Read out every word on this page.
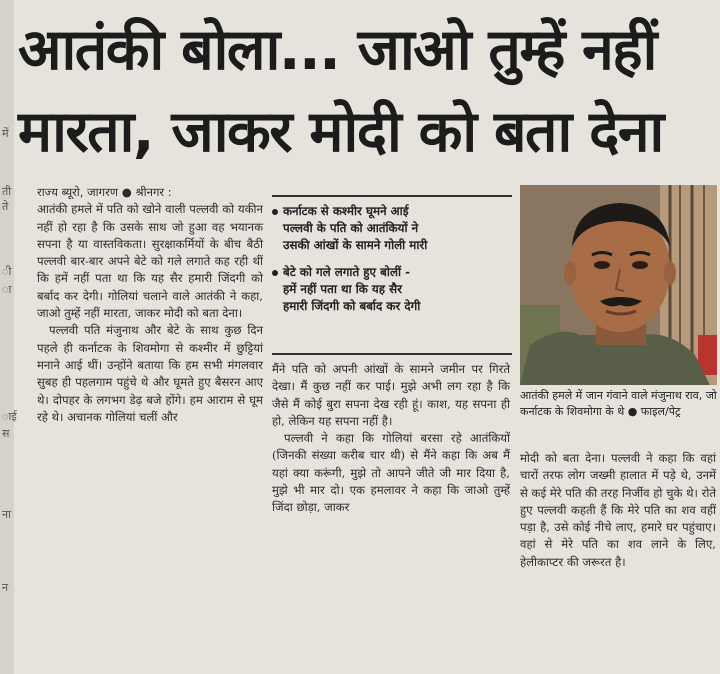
में
ती
ते
ी
ा
ाई
स
ना
न
आतंकी बोला... जाओ तुम्हें नहीं
मारता, जाकर मोदी को बता देना

राज्य ब्यूरो, जागरण ● श्रीनगर :

आतंकी हमले में पति को खोने वाली पल्लवी को यकीन नहीं हो रहा है कि उसके साथ जो हुआ वह भयानक सपना है या वास्तविकता। सुरक्षाकर्मियों के बीच बैठी पल्लवी बार-बार अपने बेटे को गले लगाते कह रही थीं कि हमें नहीं पता था कि यह सैर हमारी जिंदगी को बर्बाद कर देगी। गोलियां चलाने वाले आतंकी ने कहा, जाओ तुम्हें नहीं मारता, जाकर मोदी को बता देना।

पल्लवी पति मंजुनाथ और बेटे के साथ कुछ दिन पहले ही कर्नाटक के शिवमोगा से कश्मीर में छुट्टियां मनाने आई थीं। उन्होंने बताया कि हम सभी मंगलवार सुबह ही पहलगाम पहुंचे थे और घूमते हुए बैसरन आए थे। दोपहर के लगभग डेढ़ बजे होंगे। हम आराम से घूम रहे थे। अचानक गोलियां चलीं और

कर्नाटक से कश्मीर घूमने आई
पल्लवी के पति को आतंकियों ने
उसकी आंखों के सामने गोली मारी
बेटे को गले लगाते हुए बोलीं -
हमें नहीं पता था कि यह सैर
हमारी जिंदगी को बर्बाद कर देगी

मैंने पति को अपनी आंखों के सामने जमीन पर गिरते देखा। मैं कुछ नहीं कर पाई। मुझे अभी लग रहा है कि जैसे मैं कोई बुरा सपना देख रही हूं। काश, यह सपना ही हो, लेकिन यह सपना नहीं है।

पल्लवी ने कहा कि गोलियां बरसा रहे आतंकियों (जिनकी संख्या करीब चार थी) से मैंने कहा कि अब मैं यहां क्या करूंगी, मुझे तो आपने जीते जी मार दिया है, मुझे भी मार दो। एक हमलावर ने कहा कि जाओ तुम्हें जिंदा छोड़ा, जाकर

आतंकी हमले में जान गंवाने वाले मंजुनाथ राव, जो कर्नाटक के शिवमोगा के थे ● फाइल/पेट्र

मोदी को बता देना। पल्लवी ने कहा कि वहां चारों तरफ लोग जख्मी हालात में पड़े थे, उनमें से कई मेरे पति की तरह निर्जीव हो चुके थे। रोते हुए पल्लवी कहती हैं कि मेरे पति का शव वहीं पड़ा है, उसे कोई नीचे लाए, हमारे घर पहुंचाए। वहां से मेरे पति का शव लाने के लिए, हेलीकाप्टर की जरूरत है।
